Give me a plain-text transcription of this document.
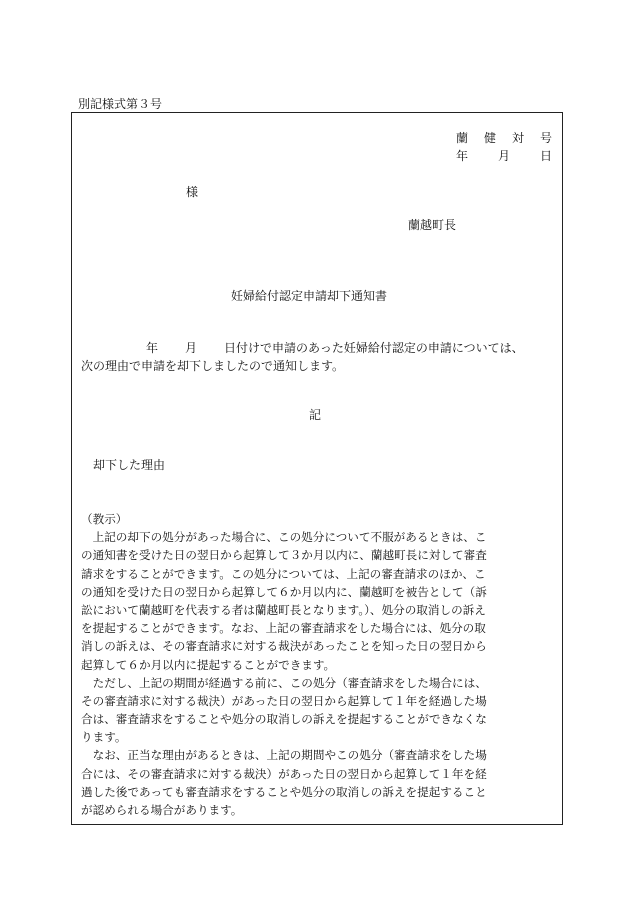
別記様式第３号
蘭 健 対 号
年 月 日
様
蘭越町長
妊婦給付認定申請却下通知書
年 月 日付けで申請のあった妊婦給付認定の申請については、
次の理由で申請を却下しましたので通知します。
記
却下した理由
（教示）
　上記の却下の処分があった場合に、この処分について不服があるときは、こ
の通知書を受けた日の翌日から起算して３か月以内に、蘭越町長に対して審査
請求をすることができます。この処分については、上記の審査請求のほか、こ
の通知を受けた日の翌日から起算して６か月以内に、蘭越町を被告として（訴
訟において蘭越町を代表する者は蘭越町長となります。）、処分の取消しの訴え
を提起することができます。なお、上記の審査請求をした場合には、処分の取
消しの訴えは、その審査請求に対する裁決があったことを知った日の翌日から
起算して６か月以内に提起することができます。
　ただし、上記の期間が経過する前に、この処分（審査請求をした場合には、
その審査請求に対する裁決）があった日の翌日から起算して１年を経過した場
合は、審査請求をすることや処分の取消しの訴えを提起することができなくな
ります。
　なお、正当な理由があるときは、上記の期間やこの処分（審査請求をした場
合には、その審査請求に対する裁決）があった日の翌日から起算して１年を経
過した後であっても審査請求をすることや処分の取消しの訴えを提起すること
が認められる場合があります。
